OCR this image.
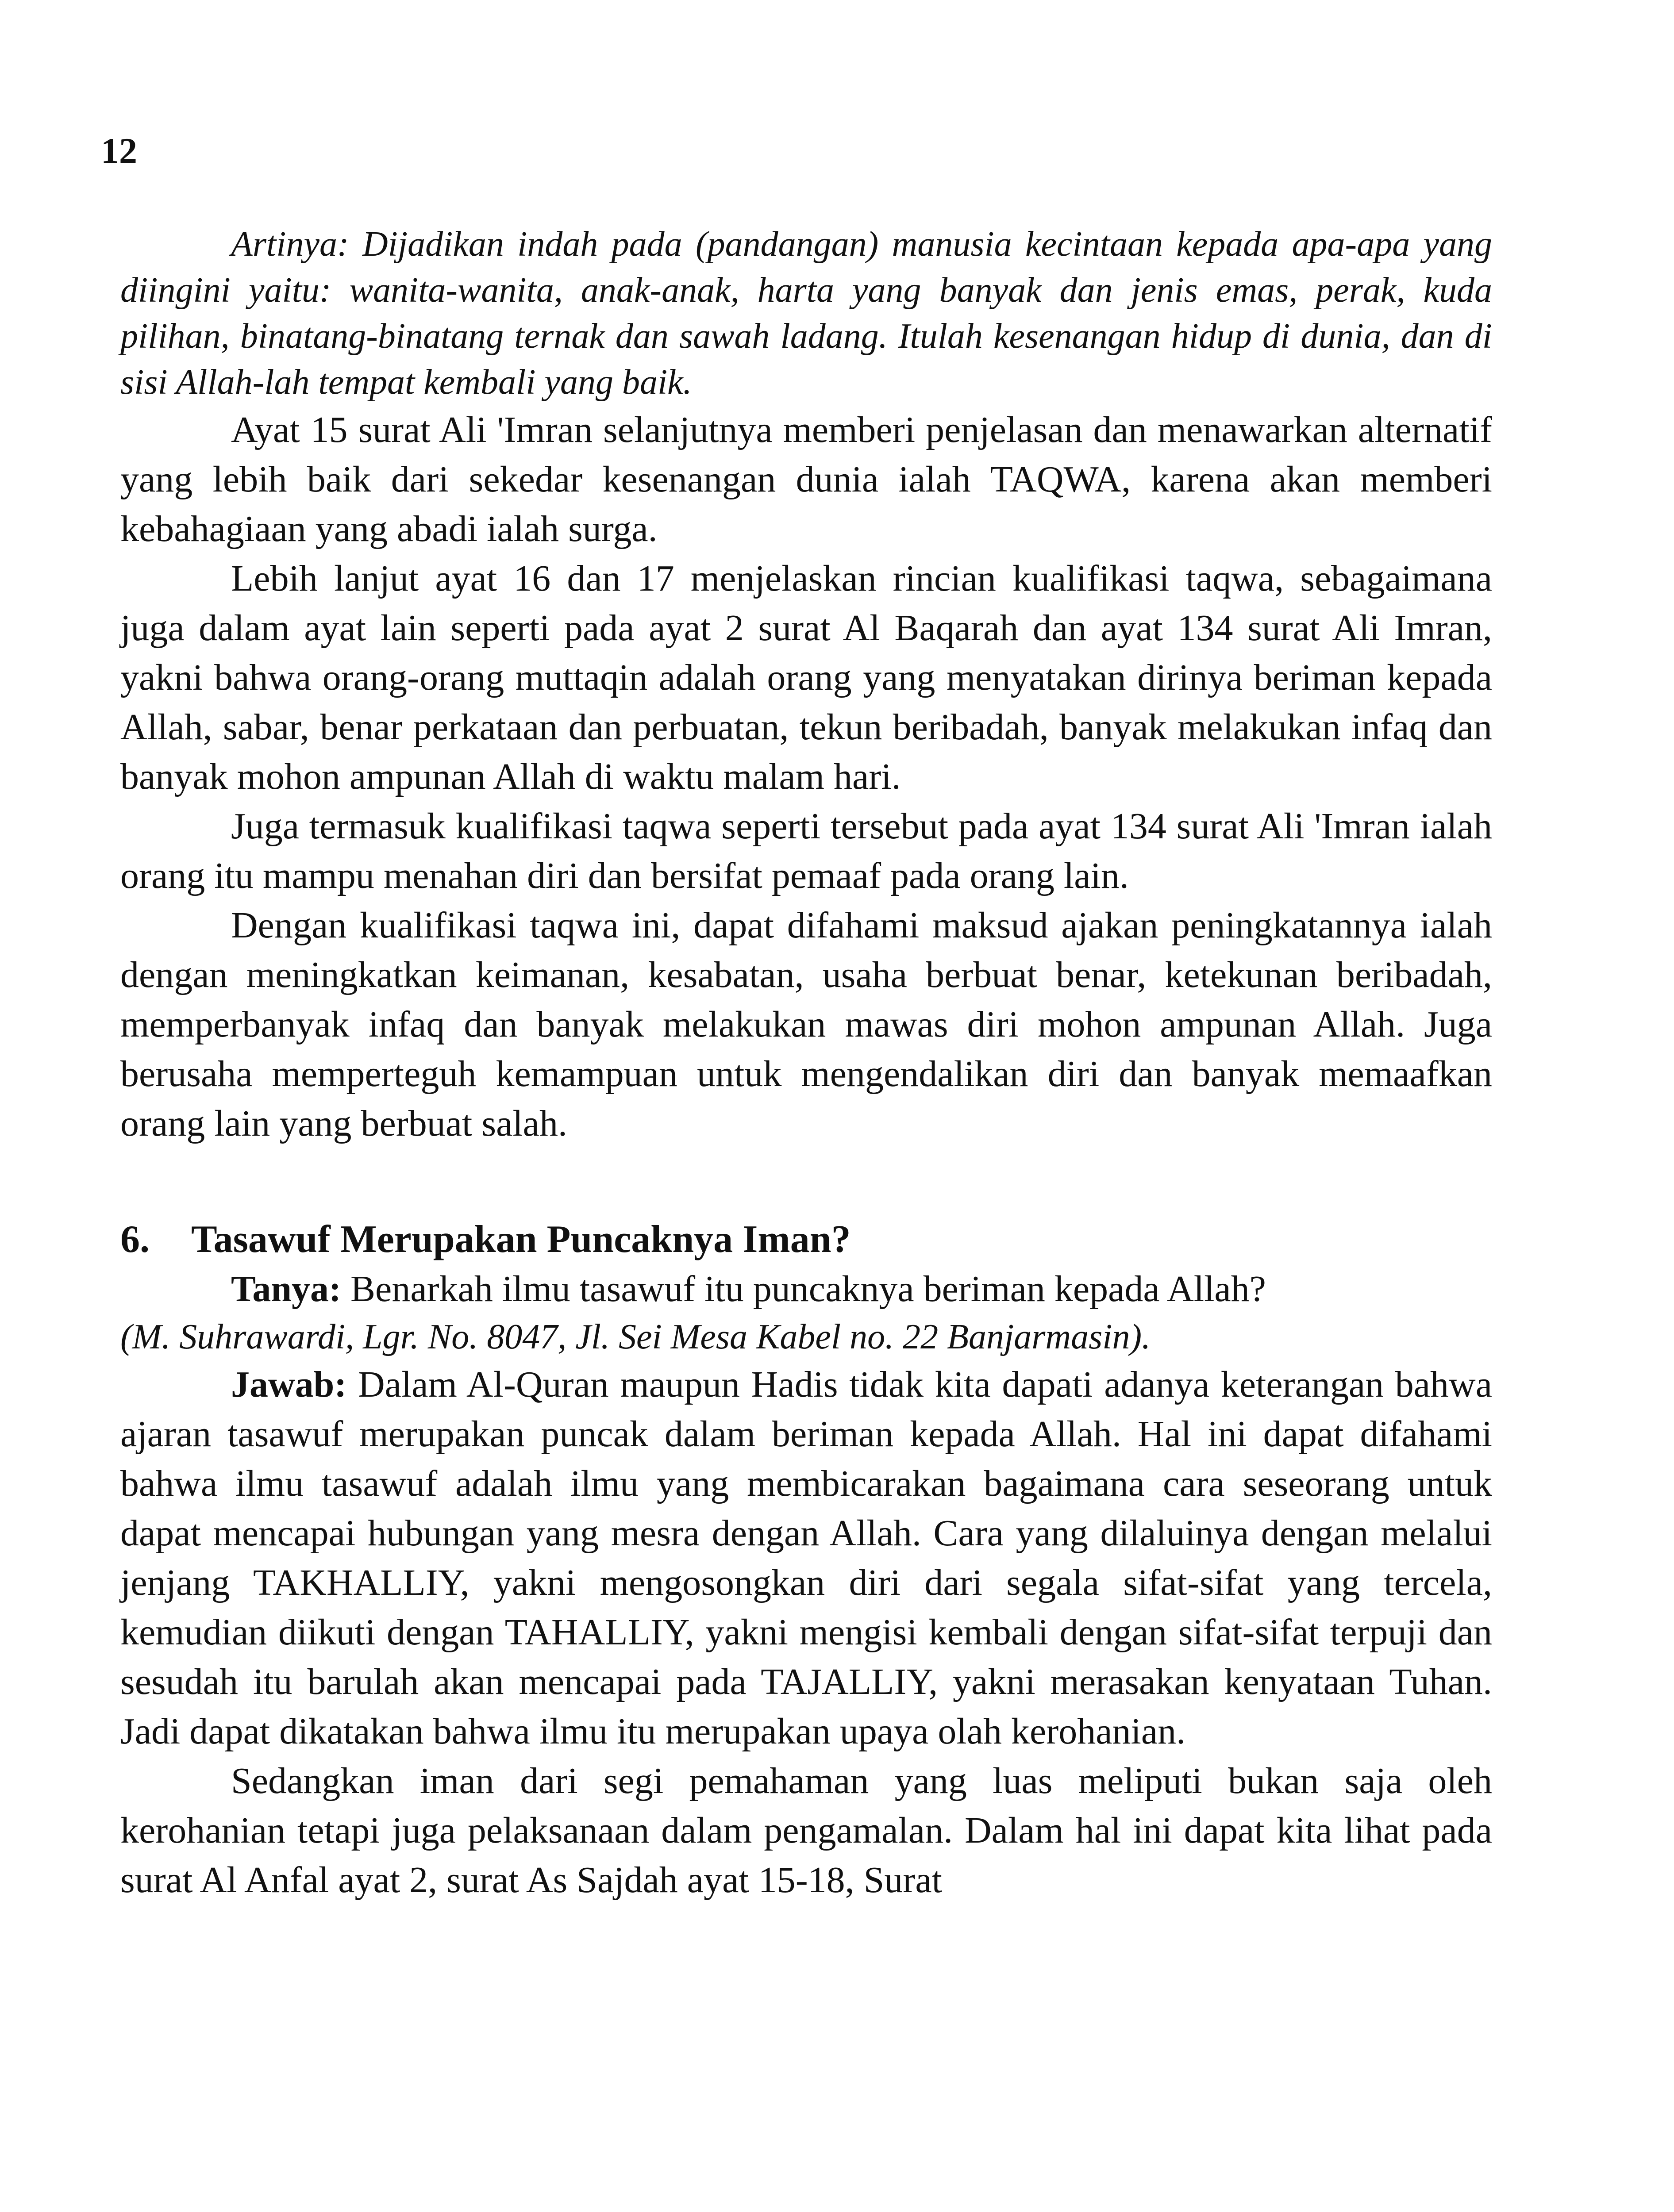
12

Artinya: Dijadikan indah pada (pandangan) manusia kecintaan kepada apa-apa yang diingini yaitu: wanita-wanita, anak-anak, harta yang banyak dan jenis emas, perak, kuda pilihan, binatang-binatang ternak dan sawah ladang. Itulah kesenangan hidup di dunia, dan di sisi Allah-lah tempat kembali yang baik.

Ayat 15 surat Ali 'Imran selanjutnya memberi penjelasan dan menawarkan alternatif yang lebih baik dari sekedar kesenangan dunia ialah TAQWA, karena akan memberi kebahagiaan yang abadi ialah surga.

Lebih lanjut ayat 16 dan 17 menjelaskan rincian kualifikasi taqwa, sebagaimana juga dalam ayat lain seperti pada ayat 2 surat Al Baqarah dan ayat 134 surat Ali Imran, yakni bahwa orang-orang muttaqin adalah orang yang menyatakan dirinya beriman kepada Allah, sabar, benar perkataan dan perbuatan, tekun beribadah, banyak melakukan infaq dan banyak mohon ampunan Allah di waktu malam hari.

Juga termasuk kualifikasi taqwa seperti tersebut pada ayat 134 surat Ali 'Imran ialah orang itu mampu menahan diri dan bersifat pemaaf pada orang lain.

Dengan kualifikasi taqwa ini, dapat difahami maksud ajakan peningkatannya ialah dengan meningkatkan keimanan, kesabatan, usaha berbuat benar, ketekunan beribadah, memperbanyak infaq dan banyak melakukan mawas diri mohon ampunan Allah. Juga berusaha memperteguh kemampuan untuk mengendalikan diri dan banyak memaafkan orang lain yang berbuat salah.

6. Tasawuf Merupakan Puncaknya Iman?

Tanya: Benarkah ilmu tasawuf itu puncaknya beriman kepada Allah?

(M. Suhrawardi, Lgr. No. 8047, Jl. Sei Mesa Kabel no. 22 Banjarmasin).

Jawab: Dalam Al-Quran maupun Hadis tidak kita dapati adanya keterangan bahwa ajaran tasawuf merupakan puncak dalam beriman kepada Allah. Hal ini dapat difahami bahwa ilmu tasawuf adalah ilmu yang membicarakan bagaimana cara seseorang untuk dapat mencapai hubungan yang mesra dengan Allah. Cara yang dilaluinya dengan melalui jenjang TAKHALLIY, yakni mengosongkan diri dari segala sifat-sifat yang tercela, kemudian diikuti dengan TAHALLIY, yakni mengisi kembali dengan sifat-sifat terpuji dan sesudah itu barulah akan mencapai pada TAJALLIY, yakni merasakan kenyataan Tuhan. Jadi dapat dikatakan bahwa ilmu itu merupakan upaya olah kerohanian.

Sedangkan iman dari segi pemahaman yang luas meliputi bukan saja oleh kerohanian tetapi juga pelaksanaan dalam pengamalan. Dalam hal ini dapat kita lihat pada surat Al Anfal ayat 2, surat As Sajdah ayat 15-18, Surat
